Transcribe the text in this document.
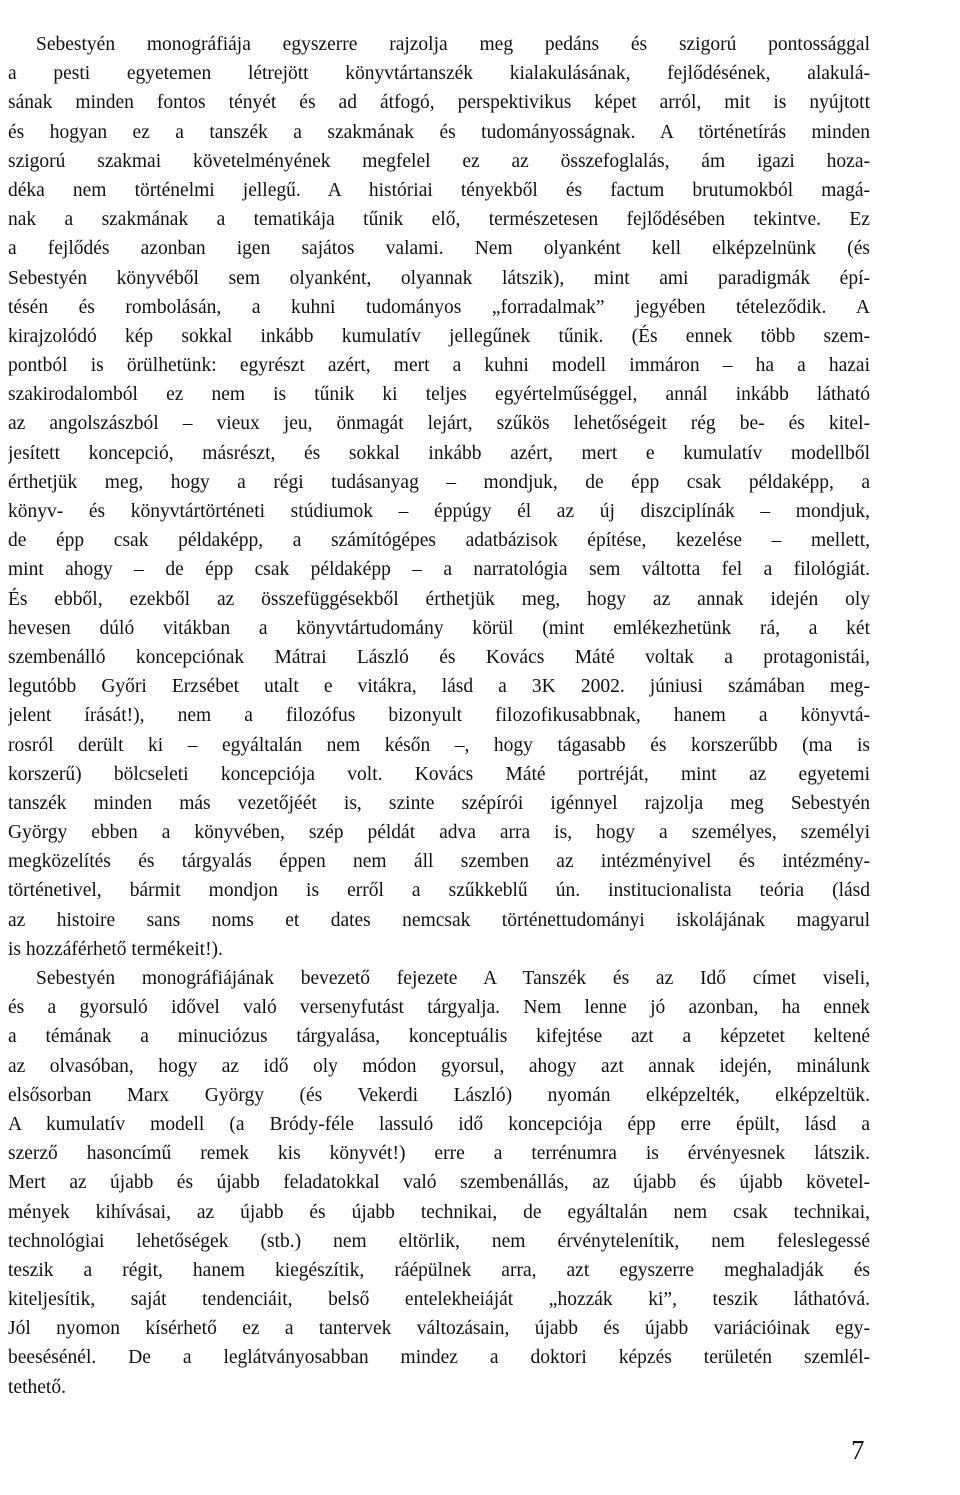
Sebestyén monográfiája egyszerre rajzolja meg pedáns és szigorú pontossággal
a pesti egyetemen létrejött könyvtártanszék kialakulásának, fejlődésének, alakulá-
sának minden fontos tényét és ad átfogó, perspektivikus képet arról, mit is nyújtott
és hogyan ez a tanszék a szakmának és tudományosságnak. A történetírás minden
szigorú szakmai követelményének megfelel ez az összefoglalás, ám igazi hoza-
déka nem történelmi jellegű. A históriai tényekből és factum brutumokból magá-
nak a szakmának a tematikája tűnik elő, természetesen fejlődésében tekintve. Ez
a fejlődés azonban igen sajátos valami. Nem olyanként kell elképzelnünk (és
Sebestyén könyvéből sem olyanként, olyannak látszik), mint ami paradigmák épí-
tésén és rombolásán, a kuhni tudományos „forradalmak” jegyében tételeződik. A
kirajzolódó kép sokkal inkább kumulatív jellegűnek tűnik. (És ennek több szem-
pontból is örülhetünk: egyrészt azért, mert a kuhni modell immáron – ha a hazai
szakirodalomból ez nem is tűnik ki teljes egyértelműséggel, annál inkább látható
az angolszászból – vieux jeu, önmagát lejárt, szűkös lehetőségeit rég be- és kitel-
jesített koncepció, másrészt, és sokkal inkább azért, mert e kumulatív modellből
érthetjük meg, hogy a régi tudásanyag – mondjuk, de épp csak példaképp, a
könyv- és könyvtártörténeti stúdiumok – éppúgy él az új diszciplínák – mondjuk,
de épp csak példaképp, a számítógépes adatbázisok építése, kezelése – mellett,
mint ahogy – de épp csak példaképp – a narratológia sem váltotta fel a filológiát.
És ebből, ezekből az összefüggésekből érthetjük meg, hogy az annak idején oly
hevesen dúló vitákban a könyvtártudomány körül (mint emlékezhetünk rá, a két
szembenálló koncepciónak Mátrai László és Kovács Máté voltak a protagonistái,
legutóbb Győri Erzsébet utalt e vitákra, lásd a 3K 2002. júniusi számában meg-
jelent írását!), nem a filozófus bizonyult filozofikusabbnak, hanem a könyvtá-
rosról derült ki – egyáltalán nem későn –, hogy tágasabb és korszerűbb (ma is
korszerű) bölcseleti koncepciója volt. Kovács Máté portréját, mint az egyetemi
tanszék minden más vezetőjéét is, szinte szépírói igénnyel rajzolja meg Sebestyén
György ebben a könyvében, szép példát adva arra is, hogy a személyes, személyi
megközelítés és tárgyalás éppen nem áll szemben az intézményivel és intézmény-
történetivel, bármit mondjon is erről a szűkkeblű ún. institucionalista teória (lásd
az histoire sans noms et dates nemcsak történettudományi iskolájának magyarul
is hozzáférhető termékeit!).
Sebestyén monográfiájának bevezető fejezete A Tanszék és az Idő címet viseli,
és a gyorsuló idővel való versenyfutást tárgyalja. Nem lenne jó azonban, ha ennek
a témának a minuciózus tárgyalása, konceptuális kifejtése azt a képzetet keltené
az olvasóban, hogy az idő oly módon gyorsul, ahogy azt annak idején, minálunk
elsősorban Marx György (és Vekerdi László) nyomán elképzelték, elképzeltük.
A kumulatív modell (a Bródy-féle lassuló idő koncepciója épp erre épült, lásd a
szerző hasoncímű remek kis könyvét!) erre a terrénumra is érvényesnek látszik.
Mert az újabb és újabb feladatokkal való szembenállás, az újabb és újabb követel-
mények kihívásai, az újabb és újabb technikai, de egyáltalán nem csak technikai,
technológiai lehetőségek (stb.) nem eltörlik, nem érvénytelenítik, nem feleslegessé
teszik a régit, hanem kiegészítik, ráépülnek arra, azt egyszerre meghaladják és
kiteljesítik, saját tendenciáit, belső entelekheiáját „hozzák ki”, teszik láthatóvá.
Jól nyomon kísérhető ez a tantervek változásain, újabb és újabb variációinak egy-
beesésénél. De a leglátványosabban mindez a doktori képzés területén szemlél-
tethető.
7
